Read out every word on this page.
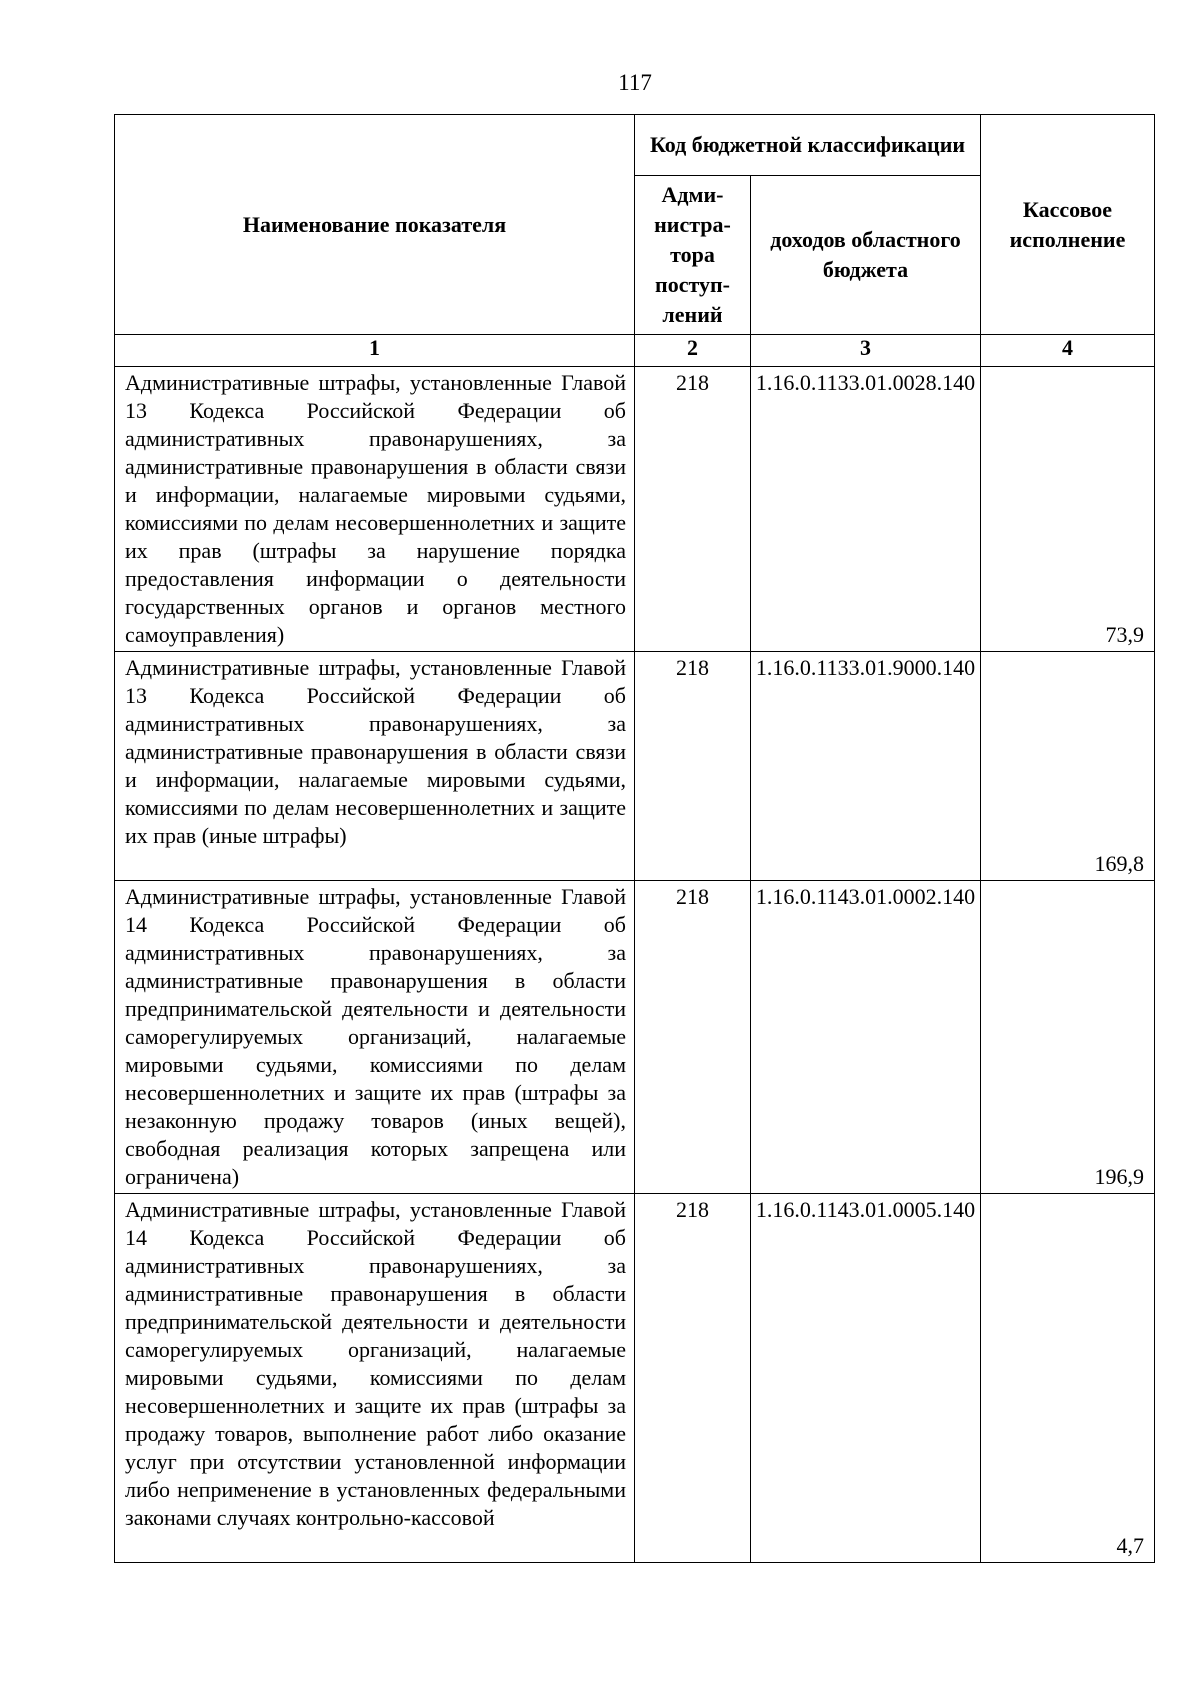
117
Наименование показателя	Код бюджетной классификации		Кассовое исполнение
	Адми-нистра-тора поступ-лений	доходов областного бюджета	
1	2	3	4
Административные штрафы, установленные Главой 13 Кодекса Российской Федерации об административных правонарушениях, за административные правонарушения в области связи и информации, налагаемые мировыми судьями, комиссиями по делам несовершеннолетних и защите их прав (штрафы за нарушение порядка предоставления информации о деятельности государственных органов и органов местного самоуправления)	218	1.16.0.1133.01.0028.140	73,9
Административные штрафы, установленные Главой 13 Кодекса Российской Федерации об административных правонарушениях, за административные правонарушения в области связи и информации, налагаемые мировыми судьями, комиссиями по делам несовершеннолетних и защите их прав (иные штрафы)	218	1.16.0.1133.01.9000.140	169,8
Административные штрафы, установленные Главой 14 Кодекса Российской Федерации об административных правонарушениях, за административные правонарушения в области предпринимательской деятельности и деятельности саморегулируемых организаций, налагаемые мировыми судьями, комиссиями по делам несовершеннолетних и защите их прав (штрафы за незаконную продажу товаров (иных вещей), свободная реализация которых запрещена или ограничена)	218	1.16.0.1143.01.0002.140	196,9
Административные штрафы, установленные Главой 14 Кодекса Российской Федерации об административных правонарушениях, за административные правонарушения в области предпринимательской деятельности и деятельности саморегулируемых организаций, налагаемые мировыми судьями, комиссиями по делам несовершеннолетних и защите их прав (штрафы за продажу товаров, выполнение работ либо оказание услуг при отсутствии установленной информации либо неприменение в установленных федеральными законами случаях контрольно-кассовой	218	1.16.0.1143.01.0005.140	4,7
